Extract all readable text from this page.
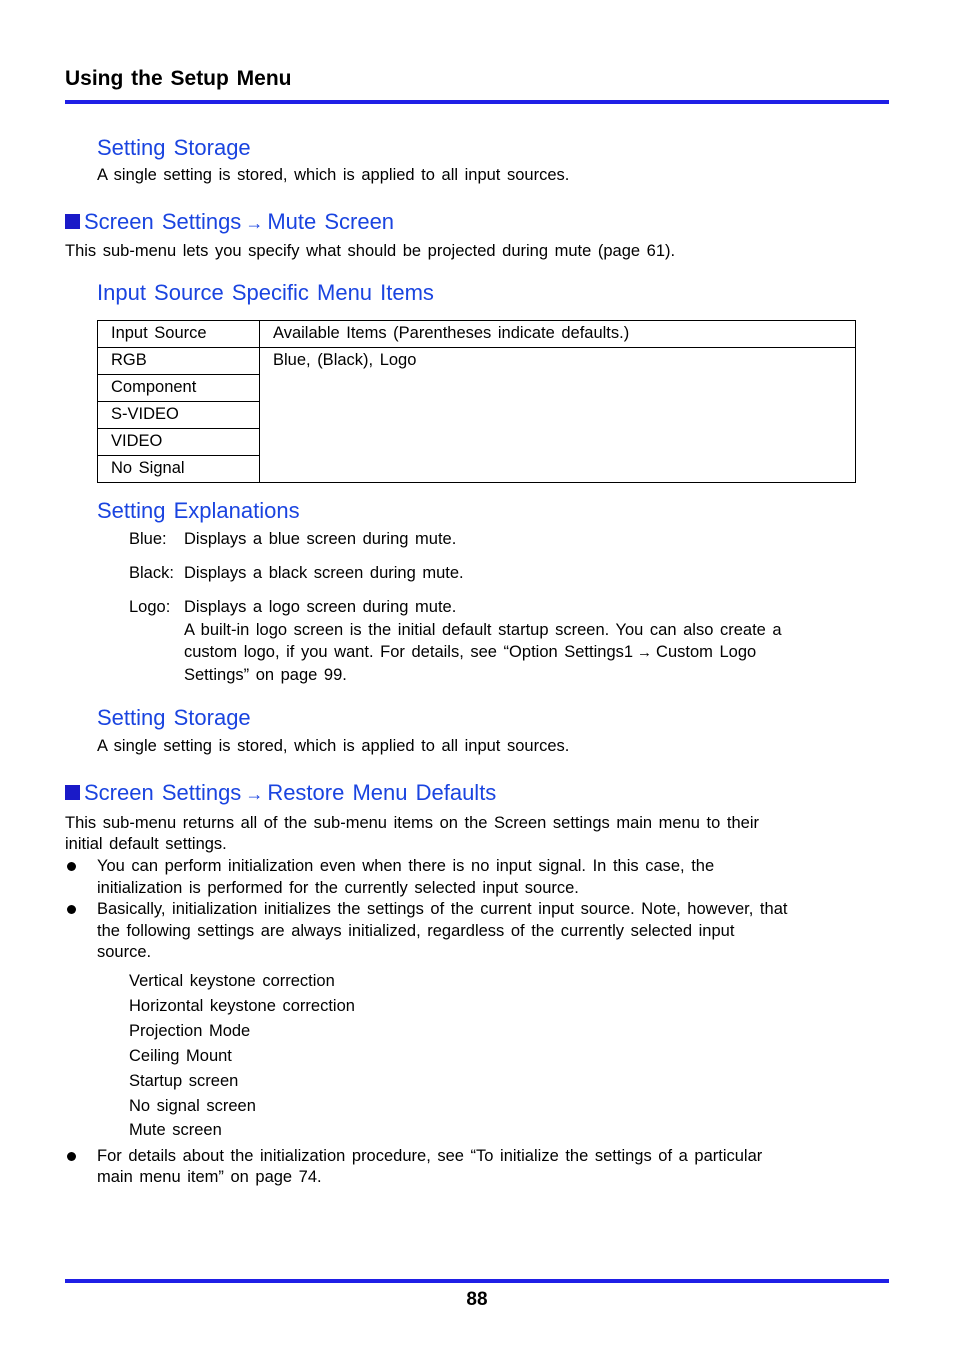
Using the Setup Menu
Setting Storage
A single setting is stored, which is applied to all input sources.
Screen Settings → Mute Screen
This sub-menu lets you specify what should be projected during mute (page 61).
Input Source Specific Menu Items
Input Source	Available Items (Parentheses indicate defaults.)
RGB	Blue, (Black), Logo
Component	
S-VIDEO	
VIDEO	
No Signal	
Setting Explanations
Blue: Displays a blue screen during mute.
Black: Displays a black screen during mute.
Logo: Displays a logo screen during mute.
A built-in logo screen is the initial default startup screen. You can also create a
custom logo, if you want. For details, see “Option Settings1 → Custom Logo
Settings” on page 99.
Setting Storage
A single setting is stored, which is applied to all input sources.
Screen Settings → Restore Menu Defaults
This sub-menu returns all of the sub-menu items on the Screen settings main menu to their
initial default settings.
You can perform initialization even when there is no input signal. In this case, the
initialization is performed for the currently selected input source.
Basically, initialization initializes the settings of the current input source. Note, however, that
the following settings are always initialized, regardless of the currently selected input
source.
Vertical keystone correction
Horizontal keystone correction
Projection Mode
Ceiling Mount
Startup screen
No signal screen
Mute screen
For details about the initialization procedure, see “To initialize the settings of a particular
main menu item” on page 74.
88
